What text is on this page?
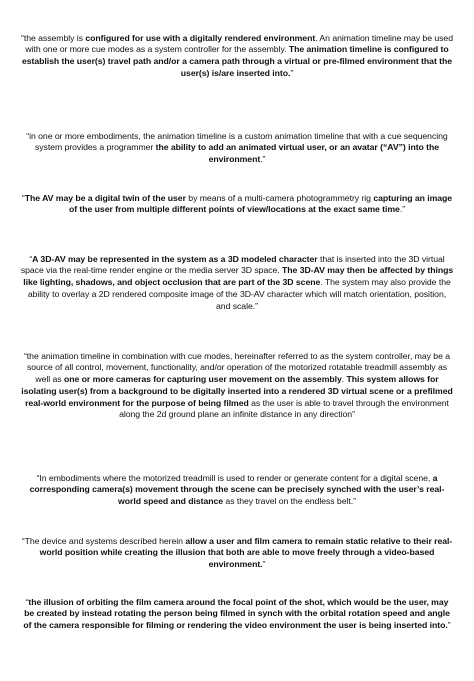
“the assembly is configured for use with a digitally rendered environment. An animation timeline may be used with one or more cue modes as a system controller for the assembly. The animation timeline is configured to establish the user(s) travel path and/or a camera path through a virtual or pre-filmed environment that the user(s) is/are inserted into.”

“in one or more embodiments, the animation timeline is a custom animation timeline that with a cue sequencing system provides a programmer the ability to add an animated virtual user, or an avatar (“AV”) into the environment.”

“The AV may be a digital twin of the user by means of a multi-camera photogrammetry rig capturing an image of the user from multiple different points of view/locations at the exact same time.”

“A 3D-AV may be represented in the system as a 3D modeled character that is inserted into the 3D virtual space via the real-time render engine or the media server 3D space. The 3D-AV may then be affected by things like lighting, shadows, and object occlusion that are part of the 3D scene. The system may also provide the ability to overlay a 2D rendered composite image of the 3D-AV character which will match orientation, position, and scale.”

“the animation timeline in combination with cue modes, hereinafter referred to as the system controller, may be a source of all control, movement, functionality, and/or operation of the motorized rotatable treadmill assembly as well as one or more cameras for capturing user movement on the assembly. This system allows for isolating user(s) from a background to be digitally inserted into a rendered 3D virtual scene or a prefilmed real-world environment for the purpose of being filmed as the user is able to travel through the environment along the 2d ground plane an infinite distance in any direction”

“In embodiments where the motorized treadmill is used to render or generate content for a digital scene, a corresponding camera(s) movement through the scene can be precisely synched with the user’s real-world speed and distance as they travel on the endless belt.”

“The device and systems described herein allow a user and film camera to remain static relative to their real-world position while creating the illusion that both are able to move freely through a video-based environment.”

“the illusion of orbiting the film camera around the focal point of the shot, which would be the user, may be created by instead rotating the person being filmed in synch with the orbital rotation speed and angle of the camera responsible for filming or rendering the video environment the user is being inserted into.”
